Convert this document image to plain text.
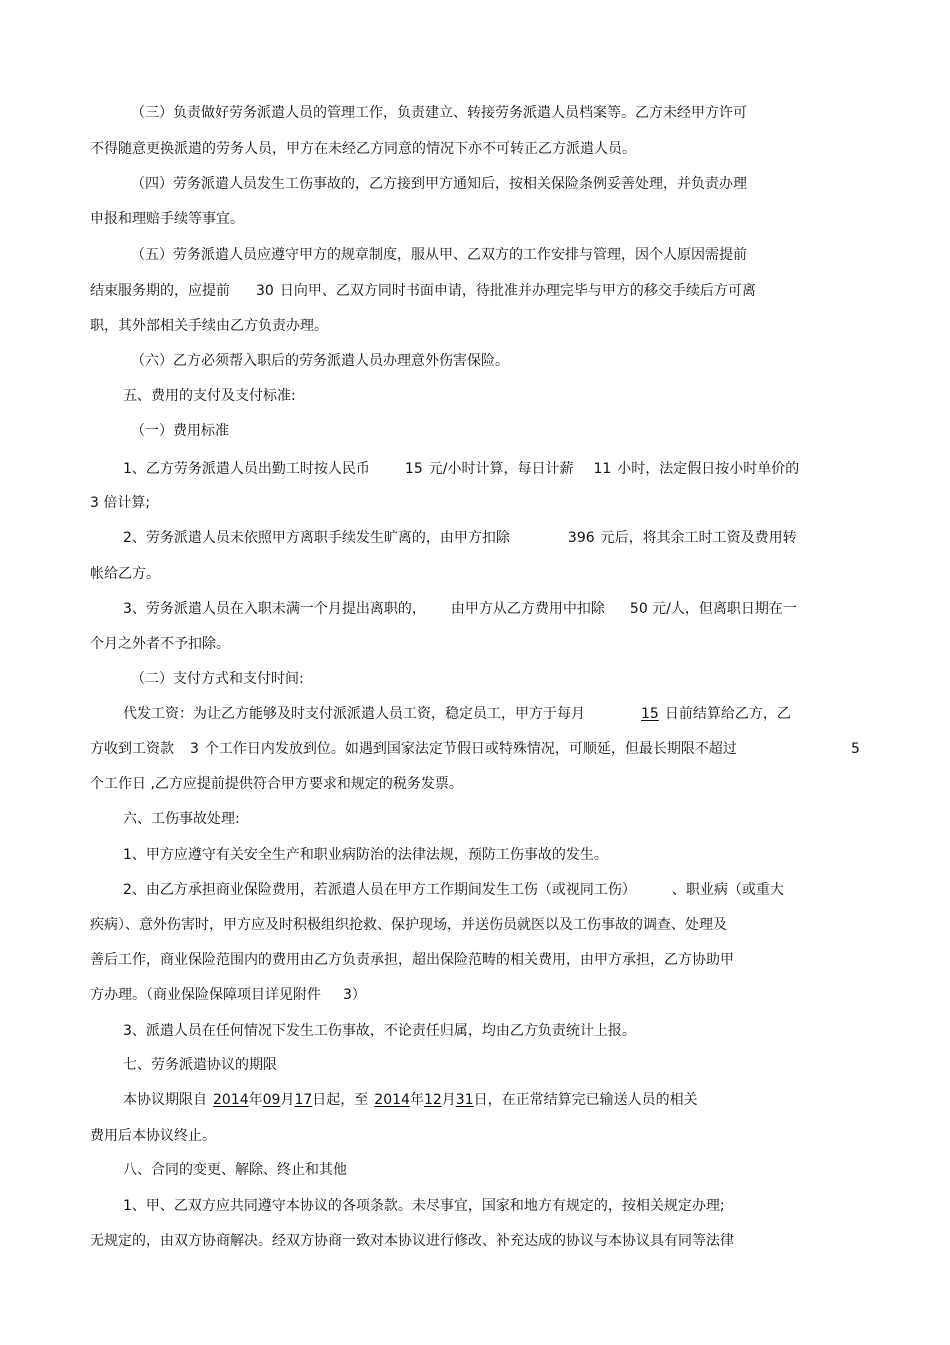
（三）负责做好劳务派遣人员的管理工作，负责建立、转接劳务派遣人员档案等。乙方未经甲方许可
不得随意更换派遣的劳务人员，甲方在未经乙方同意的情况下亦不可转正乙方派遣人员。
（四）劳务派遣人员发生工伤事故的，乙方接到甲方通知后，按相关保险条例妥善处理，并负责办理
申报和理赔手续等事宜。
（五）劳务派遣人员应遵守甲方的规章制度，服从甲、乙双方的工作安排与管理，因个人原因需提前
结束服务期的，应提前 30 日向甲、乙双方同时书面申请，待批准并办理完毕与甲方的移交手续后方可离
职，其外部相关手续由乙方负责办理。
（六）乙方必须帮入职后的劳务派遣人员办理意外伤害保险。
五、费用的支付及支付标准:
（一）费用标准
1、乙方劳务派遣人员出勤工时按人民币	15 元/小时计算，每日计薪 11 小时，法定假日按小时单价的
3 倍计算;
2、劳务派遣人员未依照甲方离职手续发生旷离的，由甲方扣除	396 元后，将其余工时工资及费用转
帐给乙方。
3、劳务派遣人员在入职未满一个月提出离职的， 由甲方从乙方费用中扣除 50 元/人，但离职日期在一
个月之外者不予扣除。
（二）支付方式和支付时间:
代发工资：为让乙方能够及时支付派派遣人员工资，稳定员工，甲方于每月	15 日前结算给乙方，乙
方收到工资款 3 个工作日内发放到位。如遇到国家法定节假日或特殊情况，可顺延，但最长期限不超过	5
个工作日 ,乙方应提前提供符合甲方要求和规定的税务发票。
六、工伤事故处理:
1、甲方应遵守有关安全生产和职业病防治的法律法规，预防工伤事故的发生。
2、由乙方承担商业保险费用，若派遣人员在甲方工作期间发生工伤（或视同工伤）	、职业病（或重大
疾病）、意外伤害时，甲方应及时积极组织抢救、保护现场，并送伤员就医以及工伤事故的调查、处理及
善后工作，商业保险范围内的费用由乙方负责承担，超出保险范畴的相关费用，由甲方承担，乙方协助甲
方办理。（商业保险保障项目详见附件 3）
3、派遣人员在任何情况下发生工伤事故，不论责任归属，均由乙方负责统计上报。
七、劳务派遣协议的期限
本协议期限自 2014年09月17日起，至 2014年12月31日，在正常结算完已输送人员的相关
费用后本协议终止。
八、合同的变更、解除、终止和其他
1、甲、乙双方应共同遵守本协议的各项条款。未尽事宜，国家和地方有规定的，按相关规定办理;
无规定的，由双方协商解决。经双方协商一致对本协议进行修改、补充达成的协议与本协议具有同等法律
